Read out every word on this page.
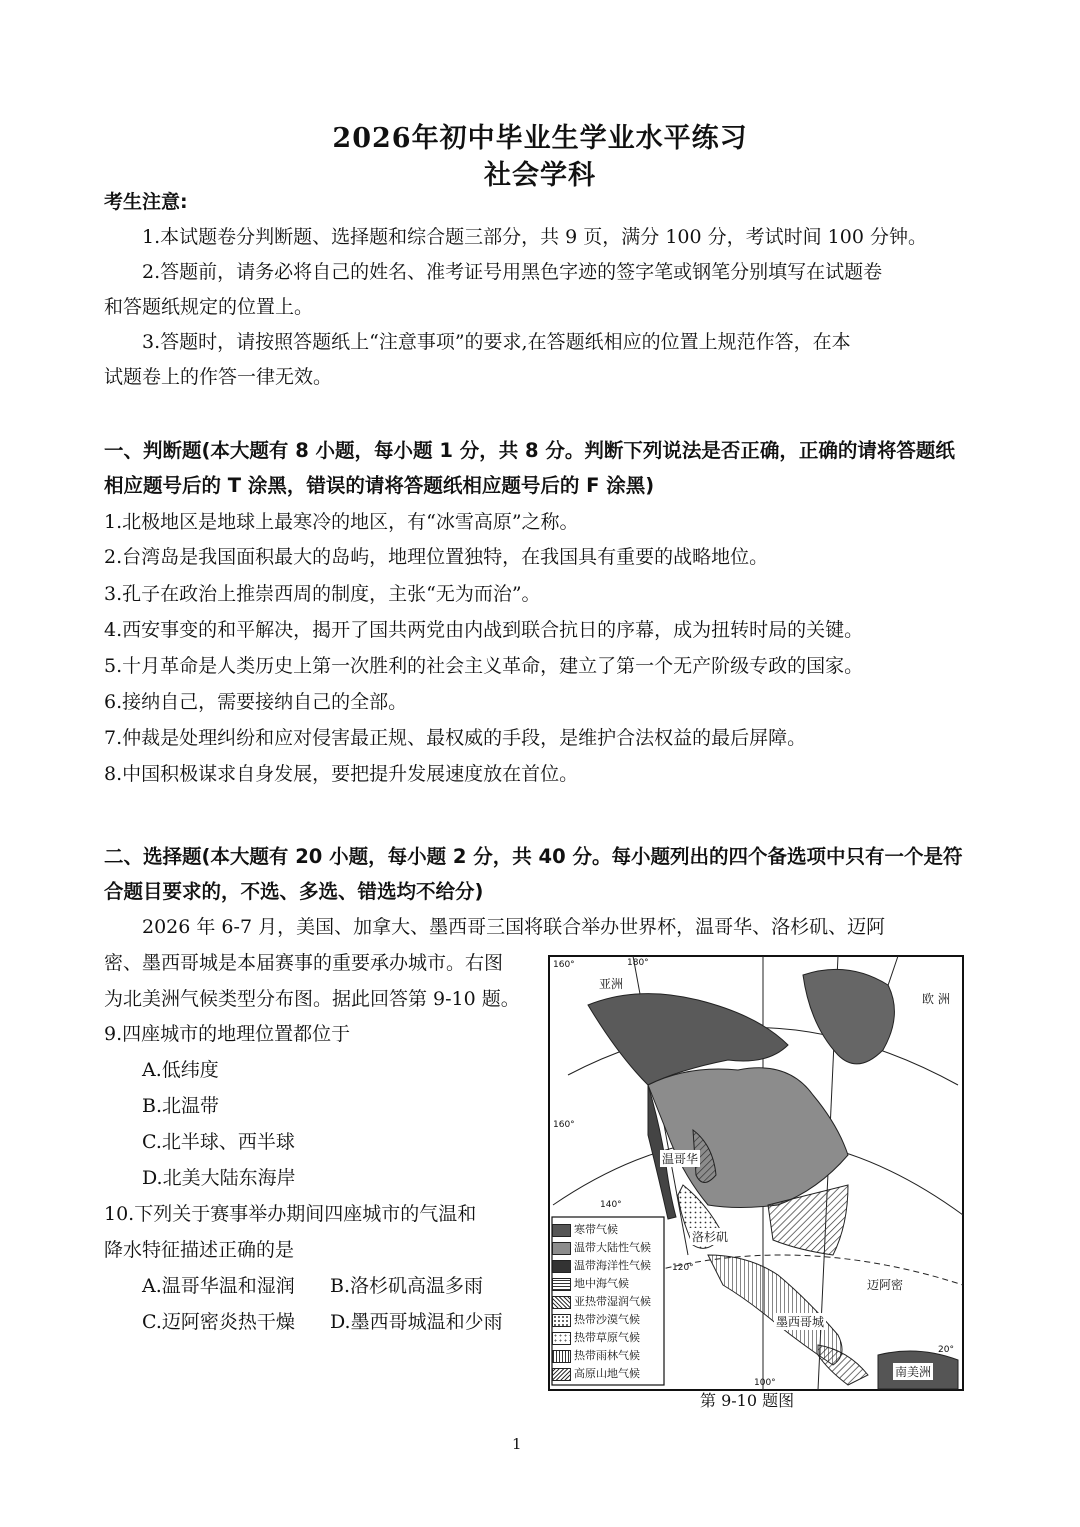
2026年初中毕业生学业水平练习
社会学科
考生注意:
1.本试题卷分判断题、选择题和综合题三部分，共 9 页，满分 100 分，考试时间 100 分钟。
2.答题前，请务必将自己的姓名、准考证号用黑色字迹的签字笔或钢笔分别填写在试题卷
和答题纸规定的位置上。
3.答题时，请按照答题纸上“注意事项”的要求,在答题纸相应的位置上规范作答，在本
试题卷上的作答一律无效。
一、判断题(本大题有 8 小题，每小题 1 分，共 8 分。判断下列说法是否正确，正确的请将答题纸
相应题号后的 T 涂黑，错误的请将答题纸相应题号后的 F 涂黑)
1.北极地区是地球上最寒冷的地区，有“冰雪高原”之称。
2.台湾岛是我国面积最大的岛屿，地理位置独特，在我国具有重要的战略地位。
3.孔子在政治上推崇西周的制度，主张“无为而治”。
4.西安事变的和平解决，揭开了国共两党由内战到联合抗日的序幕，成为扭转时局的关键。
5.十月革命是人类历史上第一次胜利的社会主义革命，建立了第一个无产阶级专政的国家。
6.接纳自己，需要接纳自己的全部。
7.仲裁是处理纠纷和应对侵害最正规、最权威的手段，是维护合法权益的最后屏障。
8.中国积极谋求自身发展，要把提升发展速度放在首位。
二、选择题(本大题有 20 小题，每小题 2 分，共 40 分。每小题列出的四个备选项中只有一个是符
合题目要求的，不选、多选、错选均不给分)
2026 年 6-7 月，美国、加拿大、墨西哥三国将联合举办世界杯，温哥华、洛杉矶、迈阿
密、墨西哥城是本届赛事的重要承办城市。右图
为北美洲气候类型分布图。据此回答第 9-10 题。
9.四座城市的地理位置都位于
A.低纬度
B.北温带
C.北半球、西半球
D.北美大陆东海岸
10.下列关于赛事举办期间四座城市的气温和
降水特征描述正确的是
A.温哥华温和湿润 B.洛杉矶高温多雨
C.迈阿密炎热干燥 D.墨西哥城温和少雨
亚洲
欧 洲
温哥华
洛杉矶
迈阿密
墨西哥城
南美洲
160°	180°
160°
140°
120°
100°
20°
寒带气候
温带大陆性气候
温带海洋性气候
地中海气候
亚热带湿润气候
热带沙漠气候
热带草原气候
热带雨林气候
高原山地气候
第 9-10 题图
1
